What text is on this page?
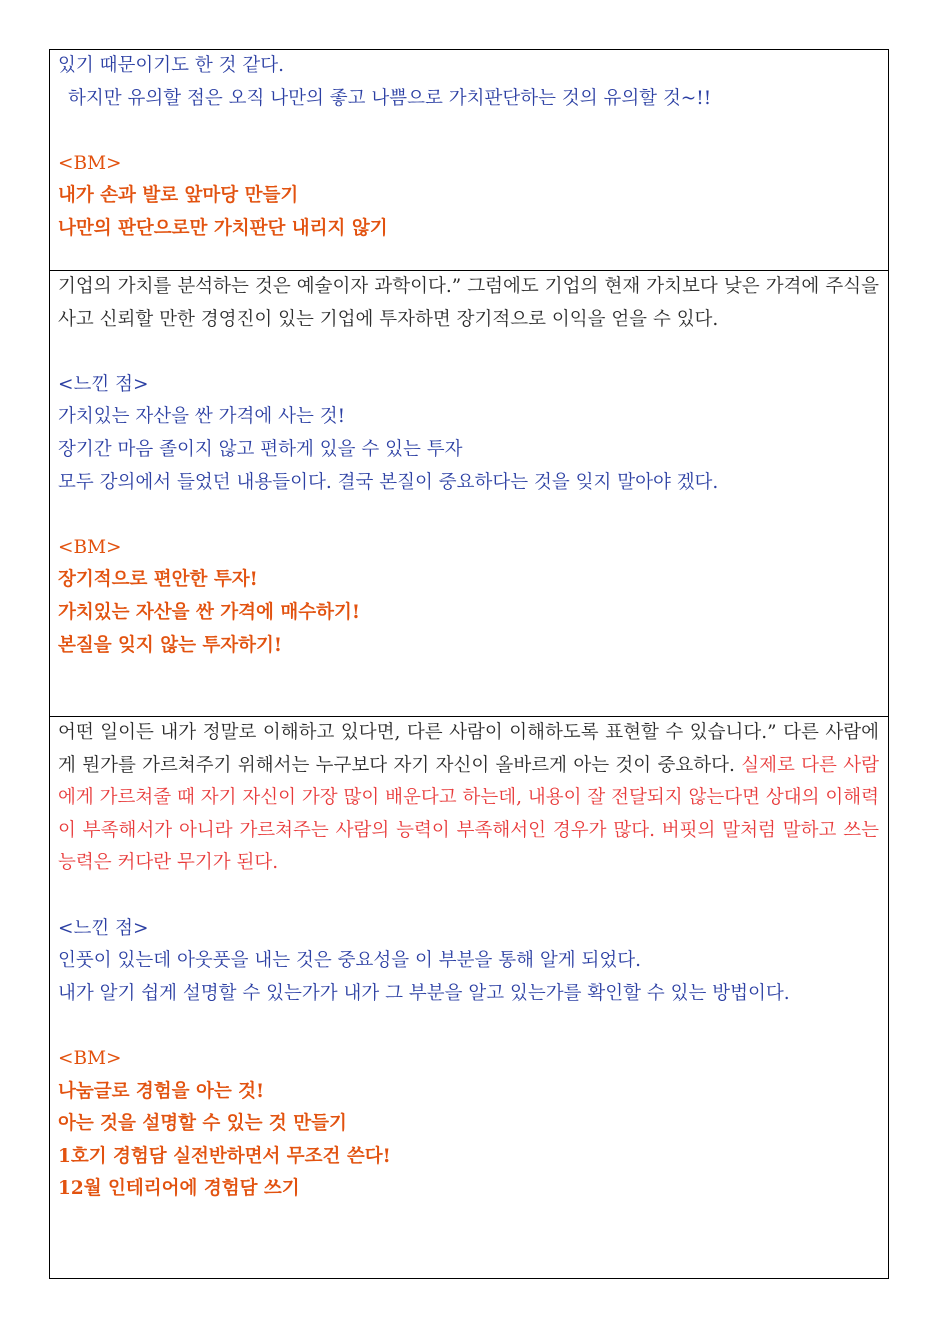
있기 때문이기도 한 것 같다.
하지만 유의할 점은 오직 나만의 좋고 나쁨으로 가치판단하는 것의 유의할 것~!!
<BM>
내가 손과 발로 앞마당 만들기
나만의 판단으로만 가치판단 내리지 않기

기업의 가치를 분석하는 것은 예술이자 과학이다.” 그럼에도 기업의 현재 가치보다 낮은 가격에 주식을 사고 신뢰할 만한 경영진이 있는 기업에 투자하면 장기적으로 이익을 얻을 수 있다.

<느낀 점>
가치있는 자산을 싼 가격에 사는 것!
장기간 마음 졸이지 않고 편하게 있을 수 있는 투자
모두 강의에서 들었던 내용들이다. 결국 본질이 중요하다는 것을 잊지 말아야 겠다.
<BM>
장기적으로 편안한 투자!
가치있는 자산을 싼 가격에 매수하기!
본질을 잊지 않는 투자하기!

어떤 일이든 내가 정말로 이해하고 있다면, 다른 사람이 이해하도록 표현할 수 있습니다.” 다른 사람에게 뭔가를 가르쳐주기 위해서는 누구보다 자기 자신이 올바르게 아는 것이 중요하다. 실제로 다른 사람에게 가르쳐줄 때 자기 자신이 가장 많이 배운다고 하는데, 내용이 잘 전달되지 않는다면 상대의 이해력이 부족해서가 아니라 가르쳐주는 사람의 능력이 부족해서인 경우가 많다. 버핏의 말처럼 말하고 쓰는 능력은 커다란 무기가 된다.

<느낀 점>
인풋이 있는데 아웃풋을 내는 것은 중요성을 이 부분을 통해 알게 되었다.

내가 알기 쉽게 설명할 수 있는가가 내가 그 부분을 알고 있는가를 확인할 수 있는 방법이다.

<BM>
나눔글로 경험을 아는 것!
아는 것을 설명할 수 있는 것 만들기
1호기 경험담 실전반하면서 무조건 쓴다!
12월 인테리어에 경험담 쓰기
